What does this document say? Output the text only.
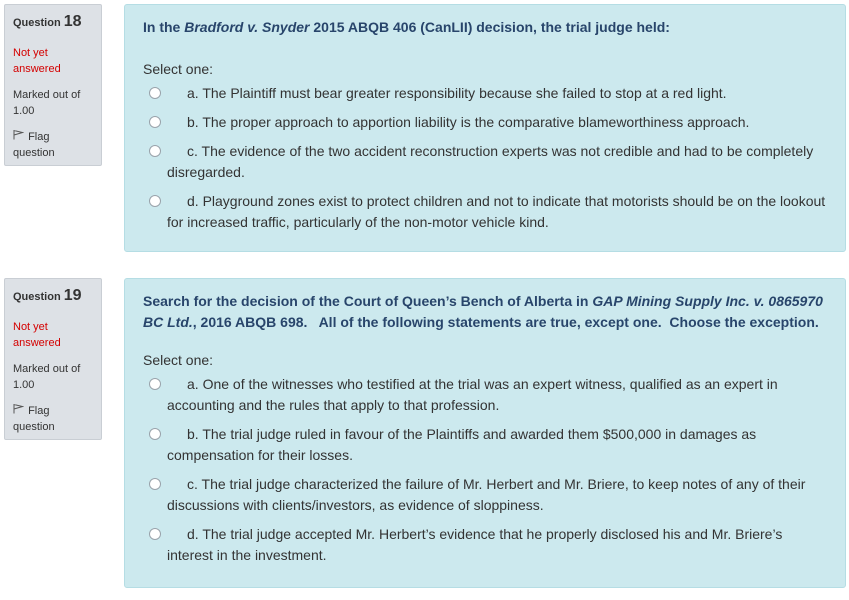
Question 18
Not yet answered
Marked out of 1.00
Flag question
In the Bradford v. Snyder 2015 ABQB 406 (CanLII) decision, the trial judge held:
Select one:
a. The Plaintiff must bear greater responsibility because she failed to stop at a red light.
b. The proper approach to apportion liability is the comparative blameworthiness approach.
c. The evidence of the two accident reconstruction experts was not credible and had to be completely disregarded.
d. Playground zones exist to protect children and not to indicate that motorists should be on the lookout for increased traffic, particularly of the non-motor vehicle kind.
Question 19
Not yet answered
Marked out of 1.00
Flag question
Search for the decision of the Court of Queen’s Bench of Alberta in GAP Mining Supply Inc. v. 0865970 BC Ltd., 2016 ABQB 698.   All of the following statements are true, except one.  Choose the exception.
Select one:
a. One of the witnesses who testified at the trial was an expert witness, qualified as an expert in accounting and the rules that apply to that profession.
b. The trial judge ruled in favour of the Plaintiffs and awarded them $500,000 in damages as compensation for their losses.
c. The trial judge characterized the failure of Mr. Herbert and Mr. Briere, to keep notes of any of their discussions with clients/investors, as evidence of sloppiness.
d. The trial judge accepted Mr. Herbert’s evidence that he properly disclosed his and Mr. Briere’s interest in the investment.
